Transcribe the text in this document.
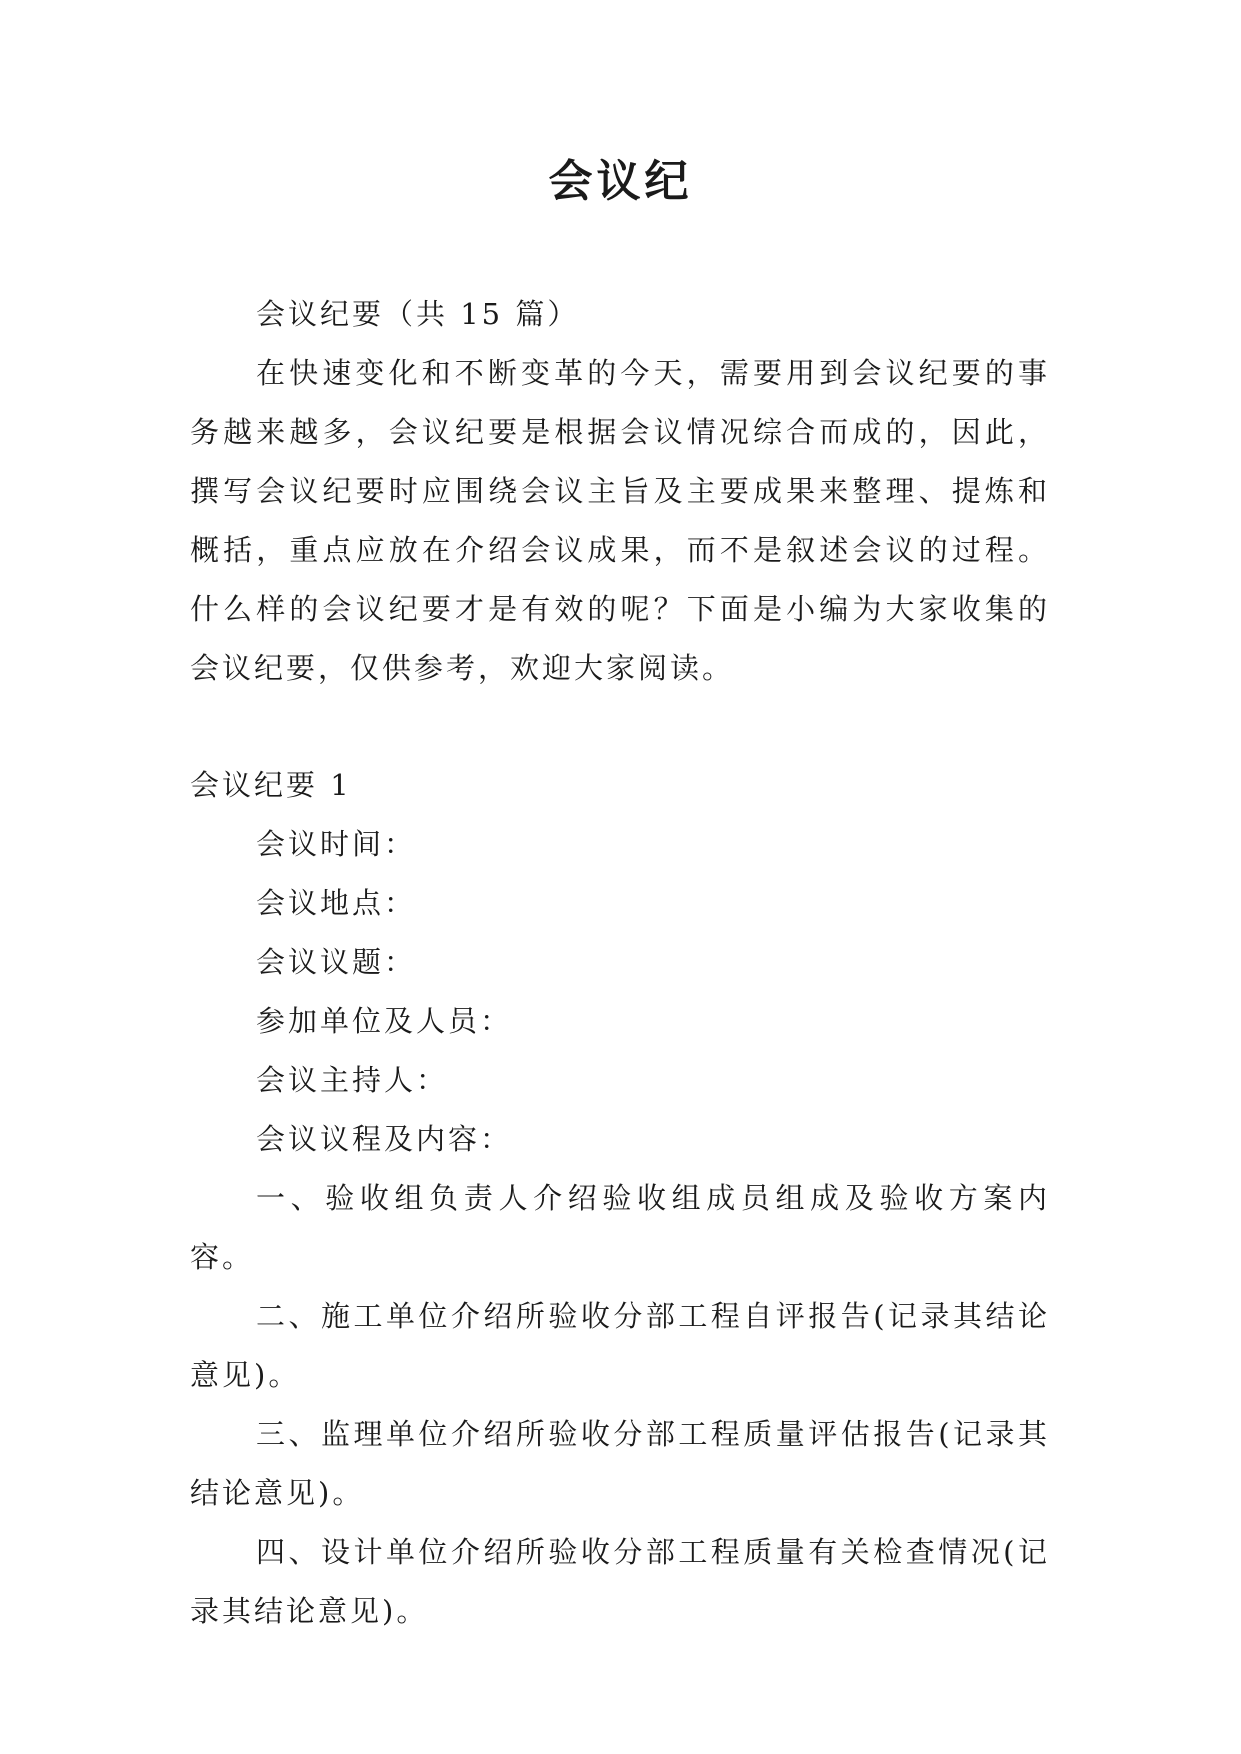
会议纪

会议纪要（共 15 篇）

在快速变化和不断变革的今天，需要用到会议纪要的事务越来越多，会议纪要是根据会议情况综合而成的，因此，撰写会议纪要时应围绕会议主旨及主要成果来整理、提炼和概括，重点应放在介绍会议成果，而不是叙述会议的过程。什么样的会议纪要才是有效的呢？下面是小编为大家收集的会议纪要，仅供参考，欢迎大家阅读。

会议纪要 1

会议时间：

会议地点：

会议议题：

参加单位及人员：

会议主持人：

会议议程及内容：

一、验收组负责人介绍验收组成员组成及验收方案内容。

二、施工单位介绍所验收分部工程自评报告(记录其结论意见)。

三、监理单位介绍所验收分部工程质量评估报告(记录其结论意见)。

四、设计单位介绍所验收分部工程质量有关检查情况(记录其结论意见)。
